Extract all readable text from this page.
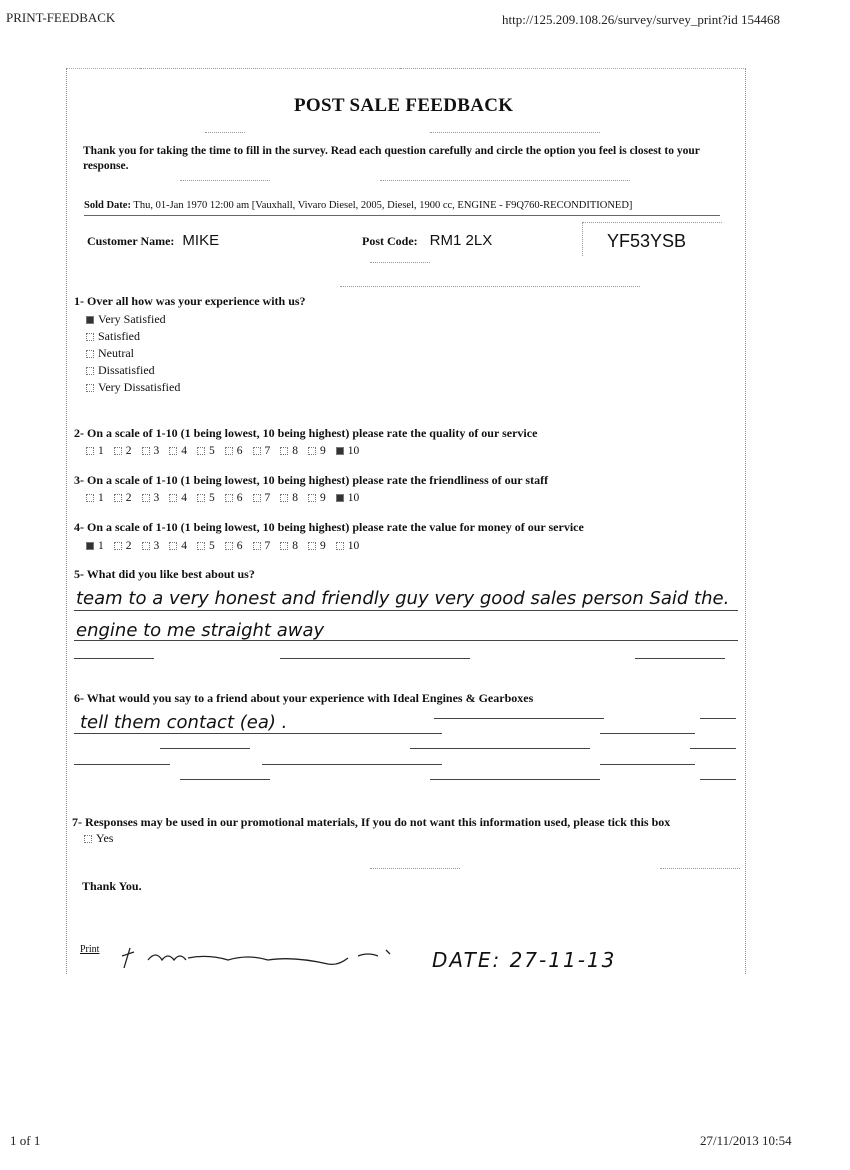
PRINT-FEEDBACK	http://125.209.108.26/survey/survey_print?id 154468
POST SALE FEEDBACK
Thank you for taking the time to fill in the survey. Read each question carefully and circle the option you feel is closest to your response.
Sold Date: Thu, 01-Jan 1970 12:00 am [Vauxhall, Vivaro Diesel, 2005, Diesel, 1900 cc, ENGINE - F9Q760-RECONDITIONED]
Customer Name: MIKE	Post Code: RM1 2LX	YF53YSB
1- Over all how was your experience with us?
Very Satisfied
Satisfied
Neutral
Dissatisfied
Very Dissatisfied
2- On a scale of 1-10 (1 being lowest, 10 being highest) please rate the quality of our service
1 2 3 4 5 6 7 8 9 10
3- On a scale of 1-10 (1 being lowest, 10 being highest) please rate the friendliness of our staff
1 2 3 4 5 6 7 8 9 10
4- On a scale of 1-10 (1 being lowest, 10 being highest) please rate the value for money of our service
1 2 3 4 5 6 7 8 9 10
5- What did you like best about us?
team to a very honest and friendly guy very good sales person Said the.
engine to me straight away
6- What would you say to a friend about your experience with Ideal Engines & Gearboxes
tell them contact (ea) .
7- Responses may be used in our promotional materials, If you do not want this information used, please tick this box
Yes
Thank You.
Print	DATE: 27-11-13
1 of 1	27/11/2013 10:54
